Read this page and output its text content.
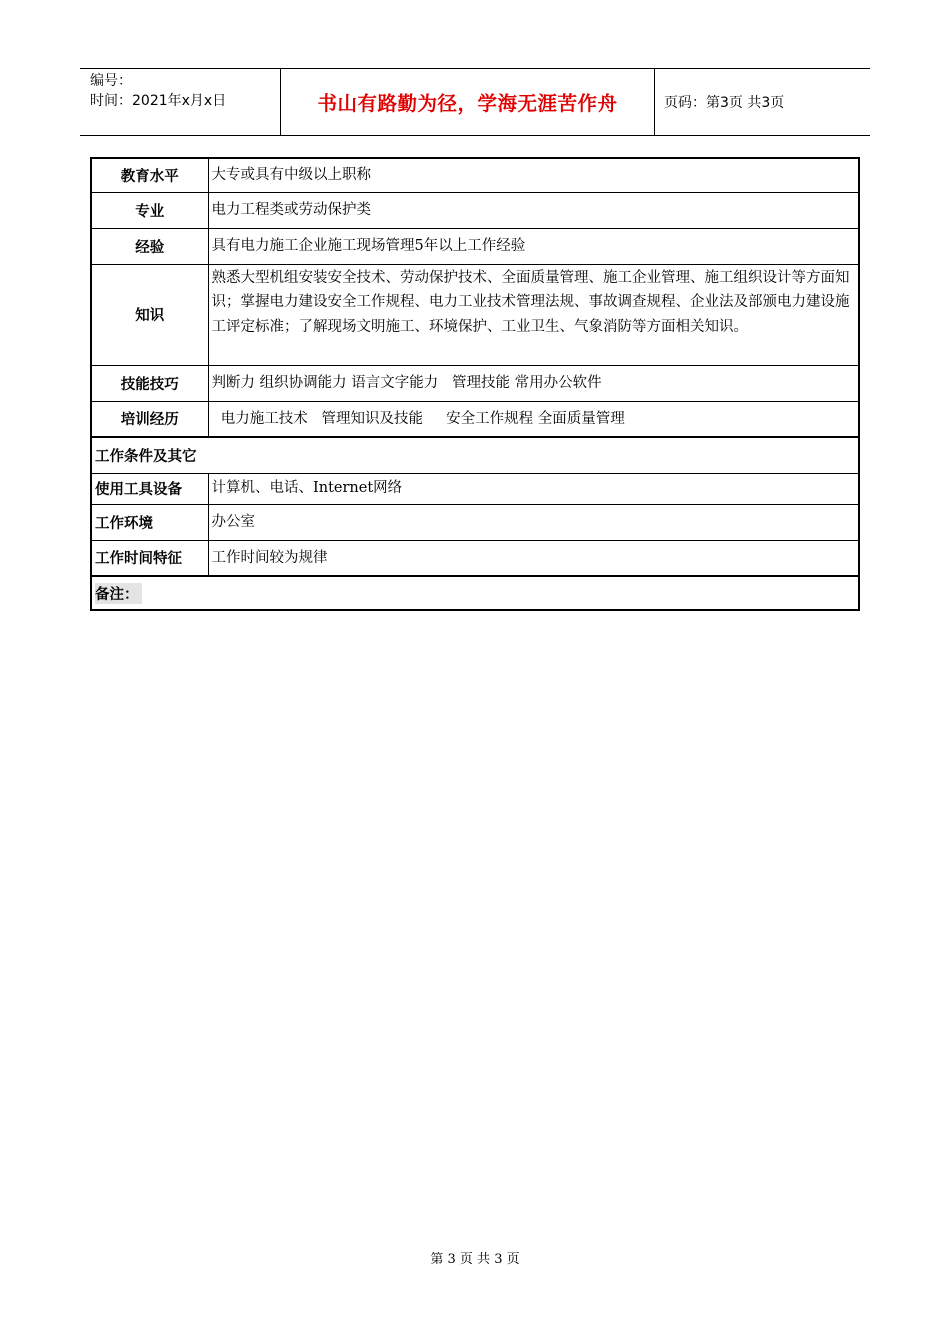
编号：
时间：2021年x月x日	书山有路勤为径，学海无涯苦作舟	页码：第3页 共3页
教育水平	大专或具有中级以上职称
专业	电力工程类或劳动保护类
经验	具有电力施工企业施工现场管理5年以上工作经验
知识	熟悉大型机组安装安全技术、劳动保护技术、全面质量管理、施工企业管理、施工组织设计等方面知识；掌握电力建设安全工作规程、电力工业技术管理法规、事故调查规程、企业法及部颁电力建设施工评定标准；了解现场文明施工、环境保护、工业卫生、气象消防等方面相关知识。
技能技巧	判断力 组织协调能力 语言文字能力   管理技能 常用办公软件
培训经历	电力施工技术   管理知识及技能     安全工作规程 全面质量管理
工作条件及其它	
使用工具设备	计算机、电话、Internet网络
工作环境	办公室
工作时间特征	工作时间较为规律
备注：	
第 3 页 共 3 页
